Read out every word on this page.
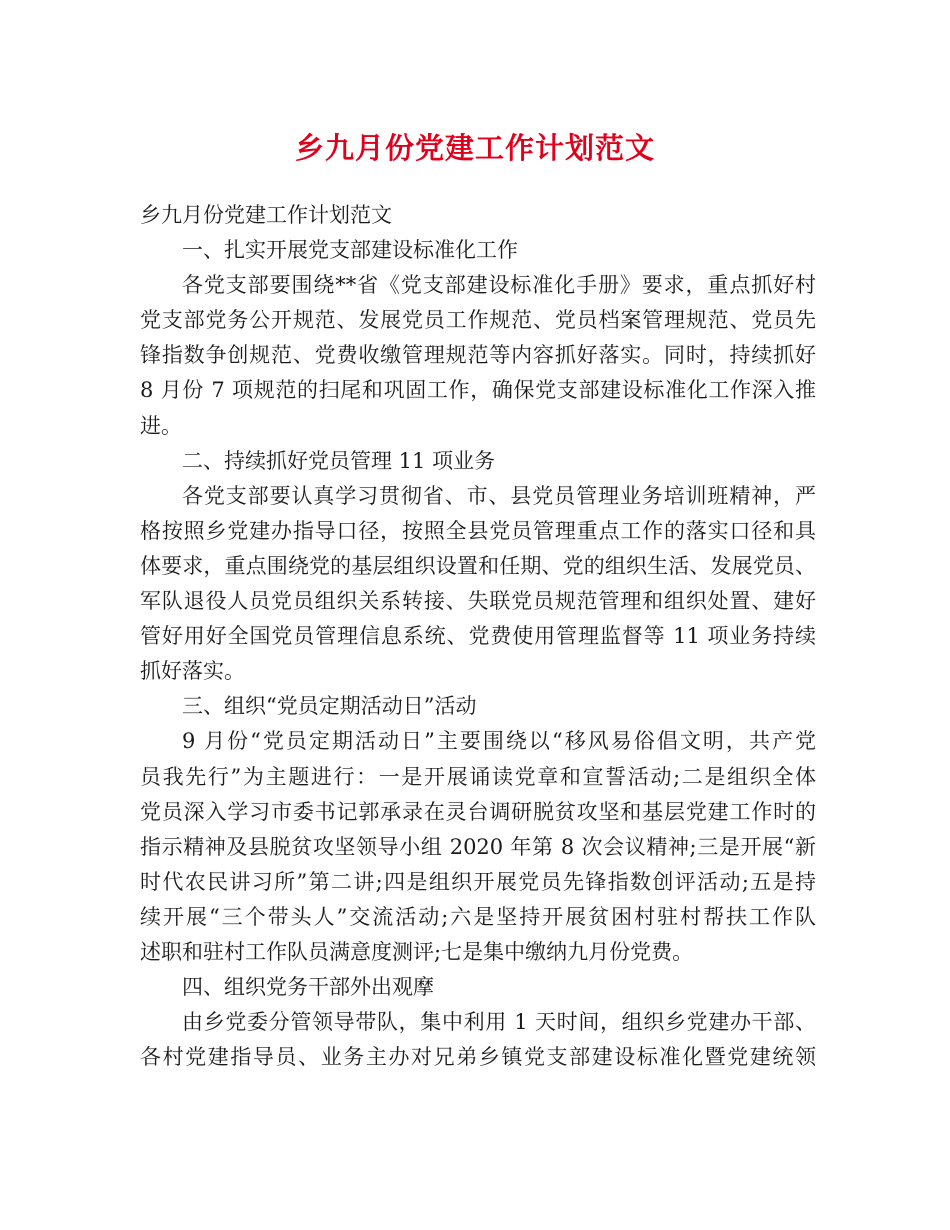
乡九月份党建工作计划范文
乡九月份党建工作计划范文
一、扎实开展党支部建设标准化工作
各党支部要围绕**省《党支部建设标准化手册》要求，重点抓好村
党支部党务公开规范、发展党员工作规范、党员档案管理规范、党员先
锋指数争创规范、党费收缴管理规范等内容抓好落实。同时，持续抓好
8 月份 7 项规范的扫尾和巩固工作，确保党支部建设标准化工作深入推
进。
二、持续抓好党员管理 11 项业务
各党支部要认真学习贯彻省、市、县党员管理业务培训班精神，严
格按照乡党建办指导口径，按照全县党员管理重点工作的落实口径和具
体要求，重点围绕党的基层组织设置和任期、党的组织生活、发展党员、
军队退役人员党员组织关系转接、失联党员规范管理和组织处置、建好
管好用好全国党员管理信息系统、党费使用管理监督等 11 项业务持续
抓好落实。
三、组织“党员定期活动日”活动
9 月份“党员定期活动日”主要围绕以“移风易俗倡文明，共产党
员我先行”为主题进行：一是开展诵读党章和宣誓活动;二是组织全体
党员深入学习市委书记郭承录在灵台调研脱贫攻坚和基层党建工作时的
指示精神及县脱贫攻坚领导小组 2020 年第 8 次会议精神;三是开展“新
时代农民讲习所”第二讲;四是组织开展党员先锋指数创评活动;五是持
续开展“三个带头人”交流活动;六是坚持开展贫困村驻村帮扶工作队
述职和驻村工作队员满意度测评;七是集中缴纳九月份党费。
四、组织党务干部外出观摩
由乡党委分管领导带队，集中利用 1 天时间，组织乡党建办干部、
各村党建指导员、业务主办对兄弟乡镇党支部建设标准化暨党建统领
